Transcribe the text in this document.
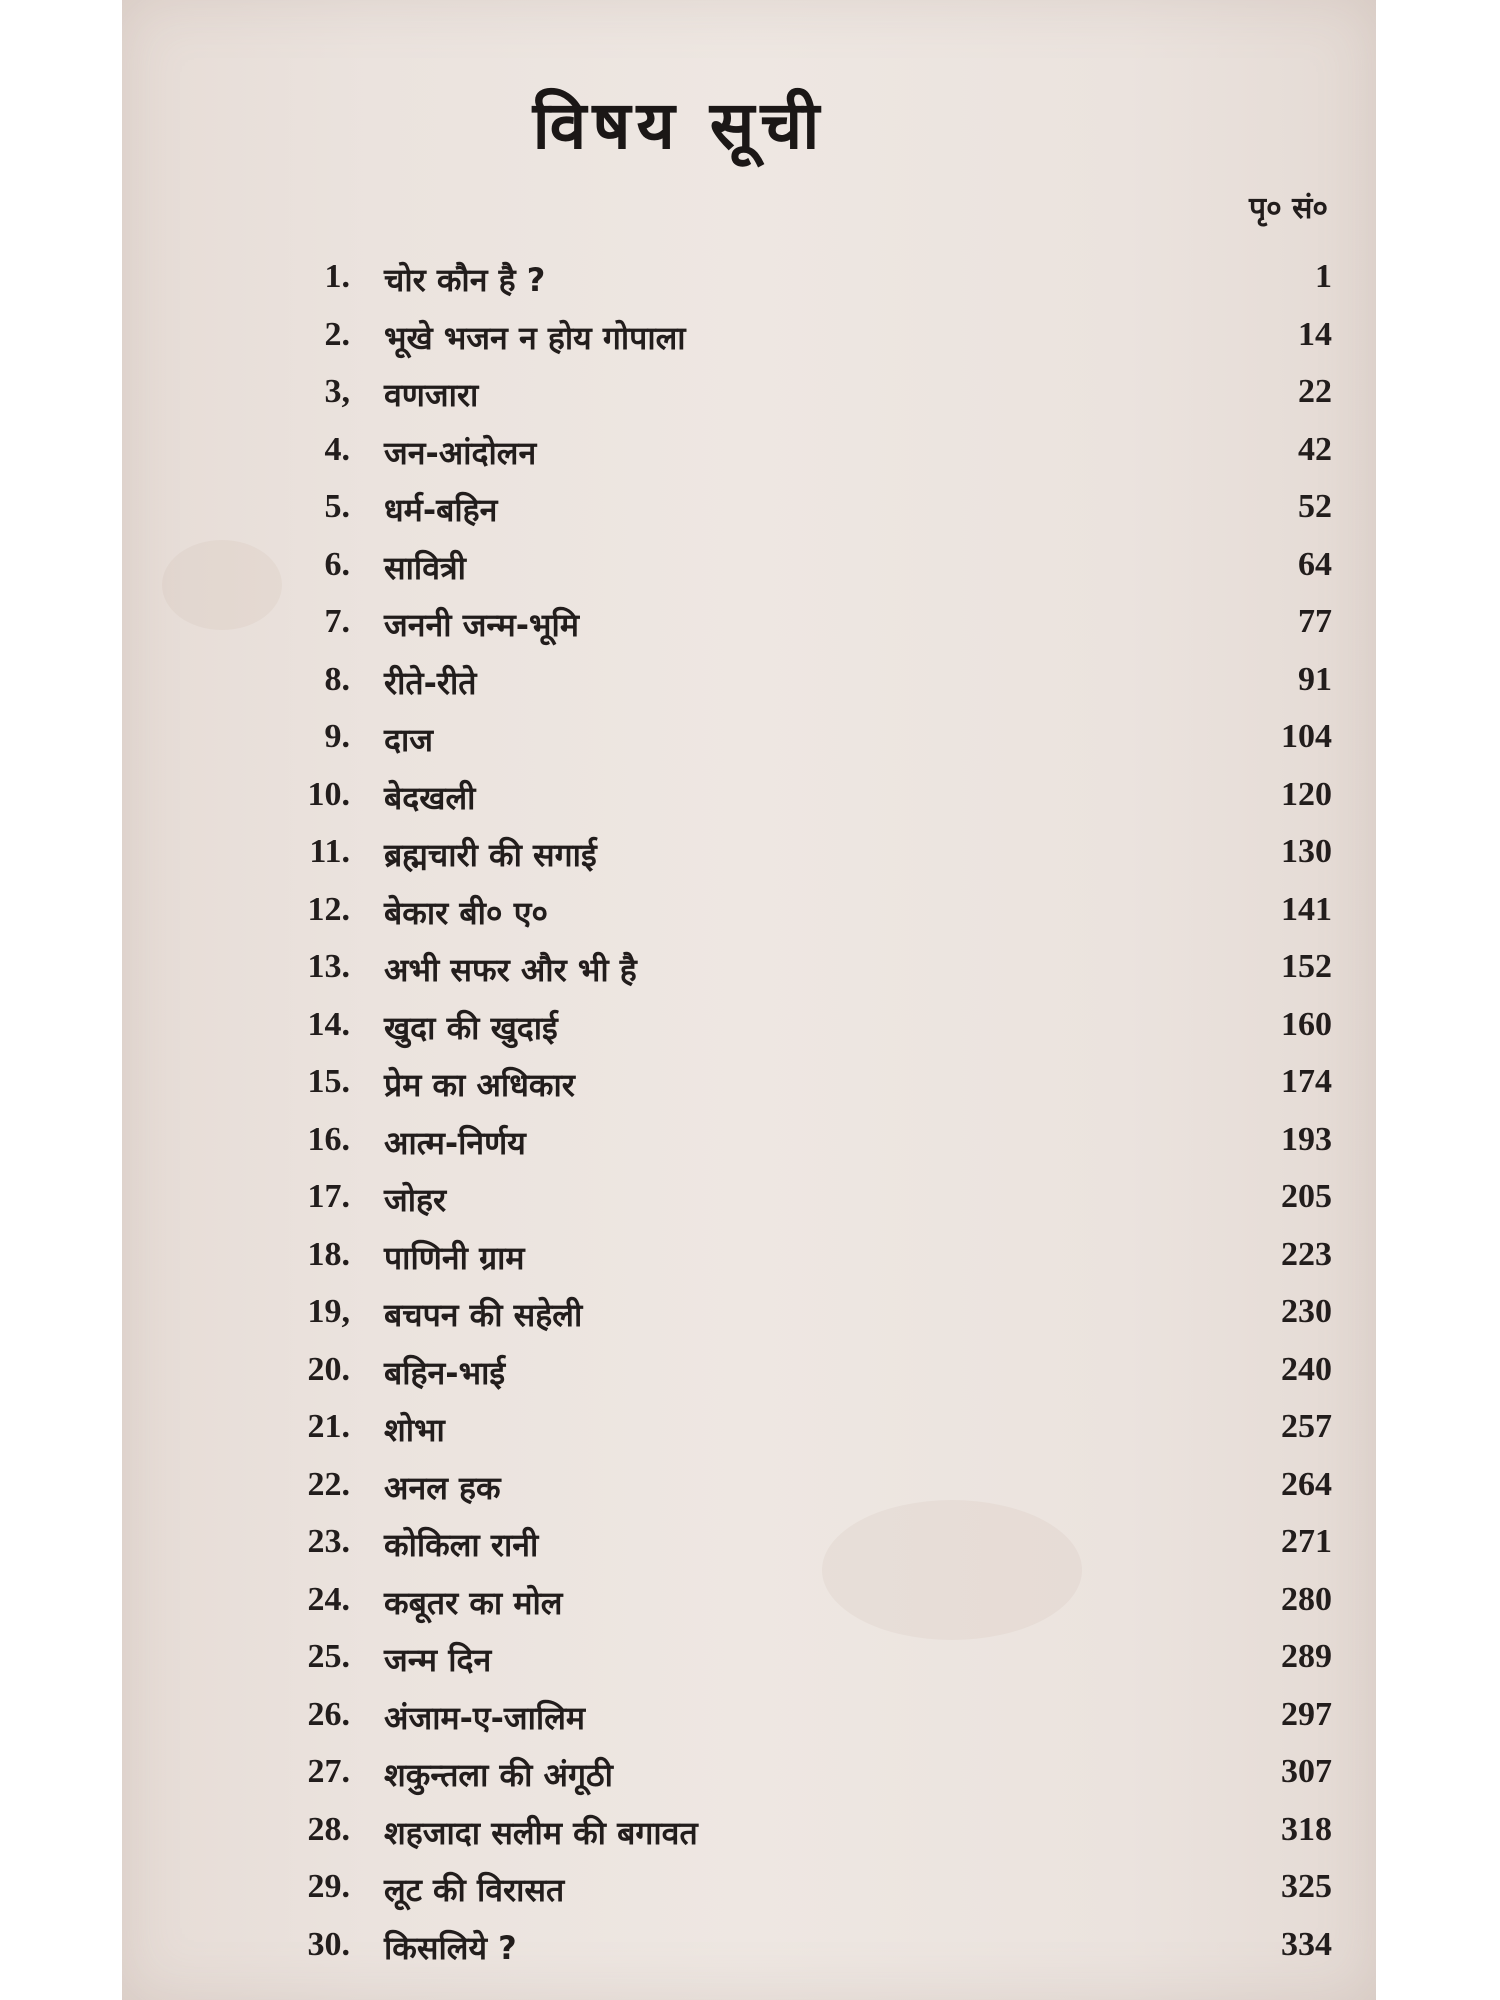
विषय सूची
पृ० सं०
1. चोर कौन है ?	1
2. भूखे भजन न होय गोपाला	14
3, वणजारा	22
4. जन-आंदोलन	42
5. धर्म-बहिन	52
6. सावित्री	64
7. जननी जन्म-भूमि	77
8. रीते-रीते	91
9. दाज	104
10. बेदखली	120
11. ब्रह्मचारी की सगाई	130
12. बेकार बी० ए०	141
13. अभी सफर और भी है	152
14. खुदा की खुदाई	160
15. प्रेम का अधिकार	174
16. आत्म-निर्णय	193
17. जोहर	205
18. पाणिनी ग्राम	223
19, बचपन की सहेली	230
20. बहिन-भाई	240
21. शोभा	257
22. अनल हक	264
23. कोकिला रानी	271
24. कबूतर का मोल	280
25. जन्म दिन	289
26. अंजाम-ए-जालिम	297
27. शकुन्तला की अंगूठी	307
28. शहजादा सलीम की बगावत	318
29. लूट की विरासत	325
30. किसलिये ?	334
